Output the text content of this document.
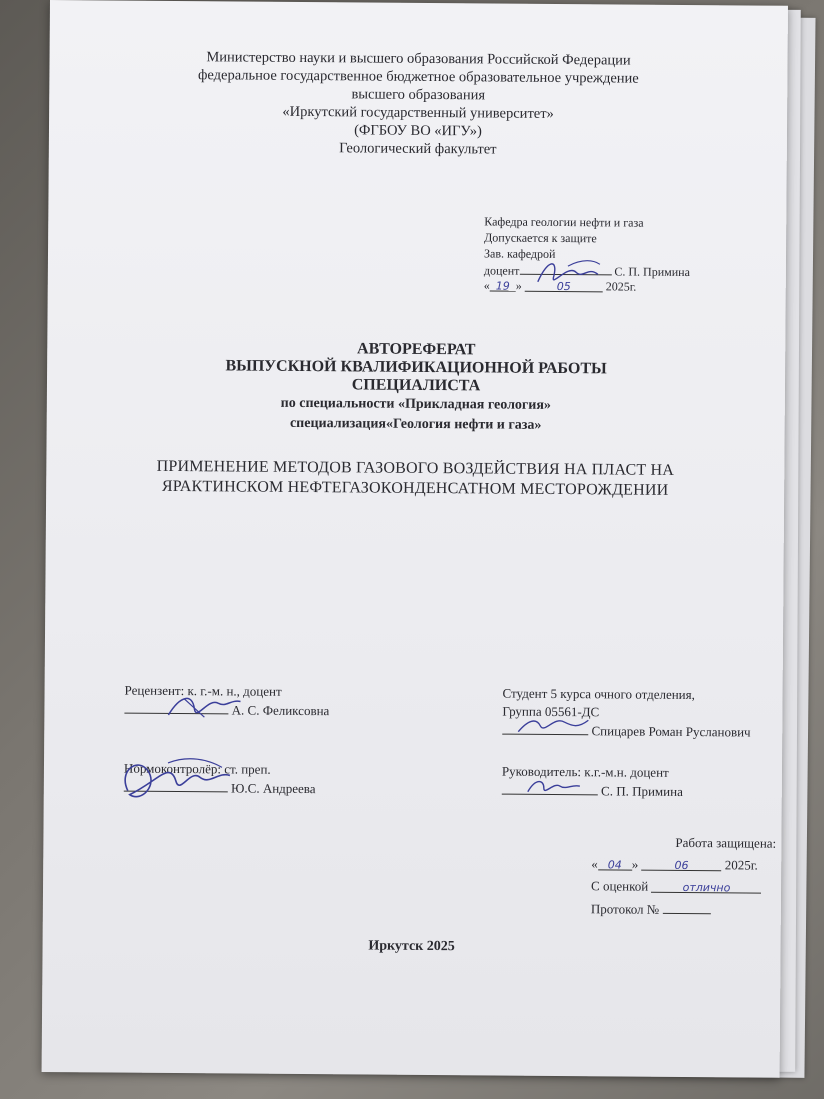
Министерство науки и высшего образования Российской Федерации
федеральное государственное бюджетное образовательное учреждение
высшего образования
«Иркутский государственный университет»
(ФГБОУ ВО «ИГУ»)
Геологический факультет
Кафедра геологии нефти и газа
Допускается к защите
Зав. кафедрой
доцент	С. П. Примина
« 19 »	05	2025г.
АВТОРЕФЕРАТ
ВЫПУСКНОЙ КВАЛИФИКАЦИОННОЙ РАБОТЫ
СПЕЦИАЛИСТА
по специальности «Прикладная геология»
специализация«Геология нефти и газа»
ПРИМЕНЕНИЕ МЕТОДОВ ГАЗОВОГО ВОЗДЕЙСТВИЯ НА ПЛАСТ НА
ЯРАКТИНСКОМ НЕФТЕГАЗОКОНДЕНСАТНОМ МЕСТОРОЖДЕНИИ
Рецензент: к. г.-м. н., доцент
А. С. Феликсовна
Студент 5 курса очного отделения,
Группа 05561-ДС
Спицарев Роман Русланович
Нормоконтролёр: ст. преп.
Ю.С. Андреева
Руководитель: к.г.-м.н. доцент
С. П. Примина
Работа защищена:
« 04 »	06	2025г.
С оценкой	отлично
Протокол №
Иркутск 2025
